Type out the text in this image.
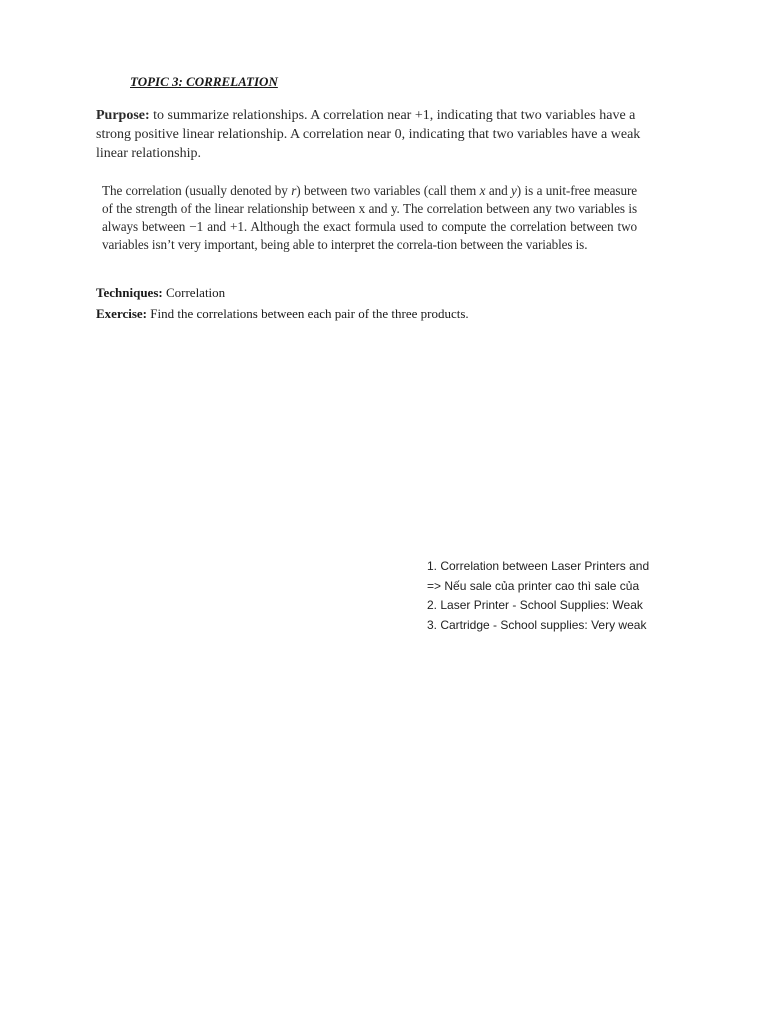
TOPIC 3: CORRELATION

Purpose: to summarize relationships. A correlation near +1, indicating that two variables have a strong positive linear relationship. A correlation near 0, indicating that two variables have a weak linear relationship.

The correlation (usually denoted by r) between two variables (call them x and y) is a unit-free measure of the strength of the linear relationship between x and y. The correlation between any two variables is always between −1 and +1. Although the exact formula used to compute the correlation between two variables isn’t very important, being able to interpret the correla-tion between the variables is.

Techniques: Correlation
Exercise: Find the correlations between each pair of the three products.
1. Correlation between Laser Printers and
=> Nếu sale của printer cao thì sale của
2. Laser Printer - School Supplies: Weak
3. Cartridge - School supplies: Very weak
